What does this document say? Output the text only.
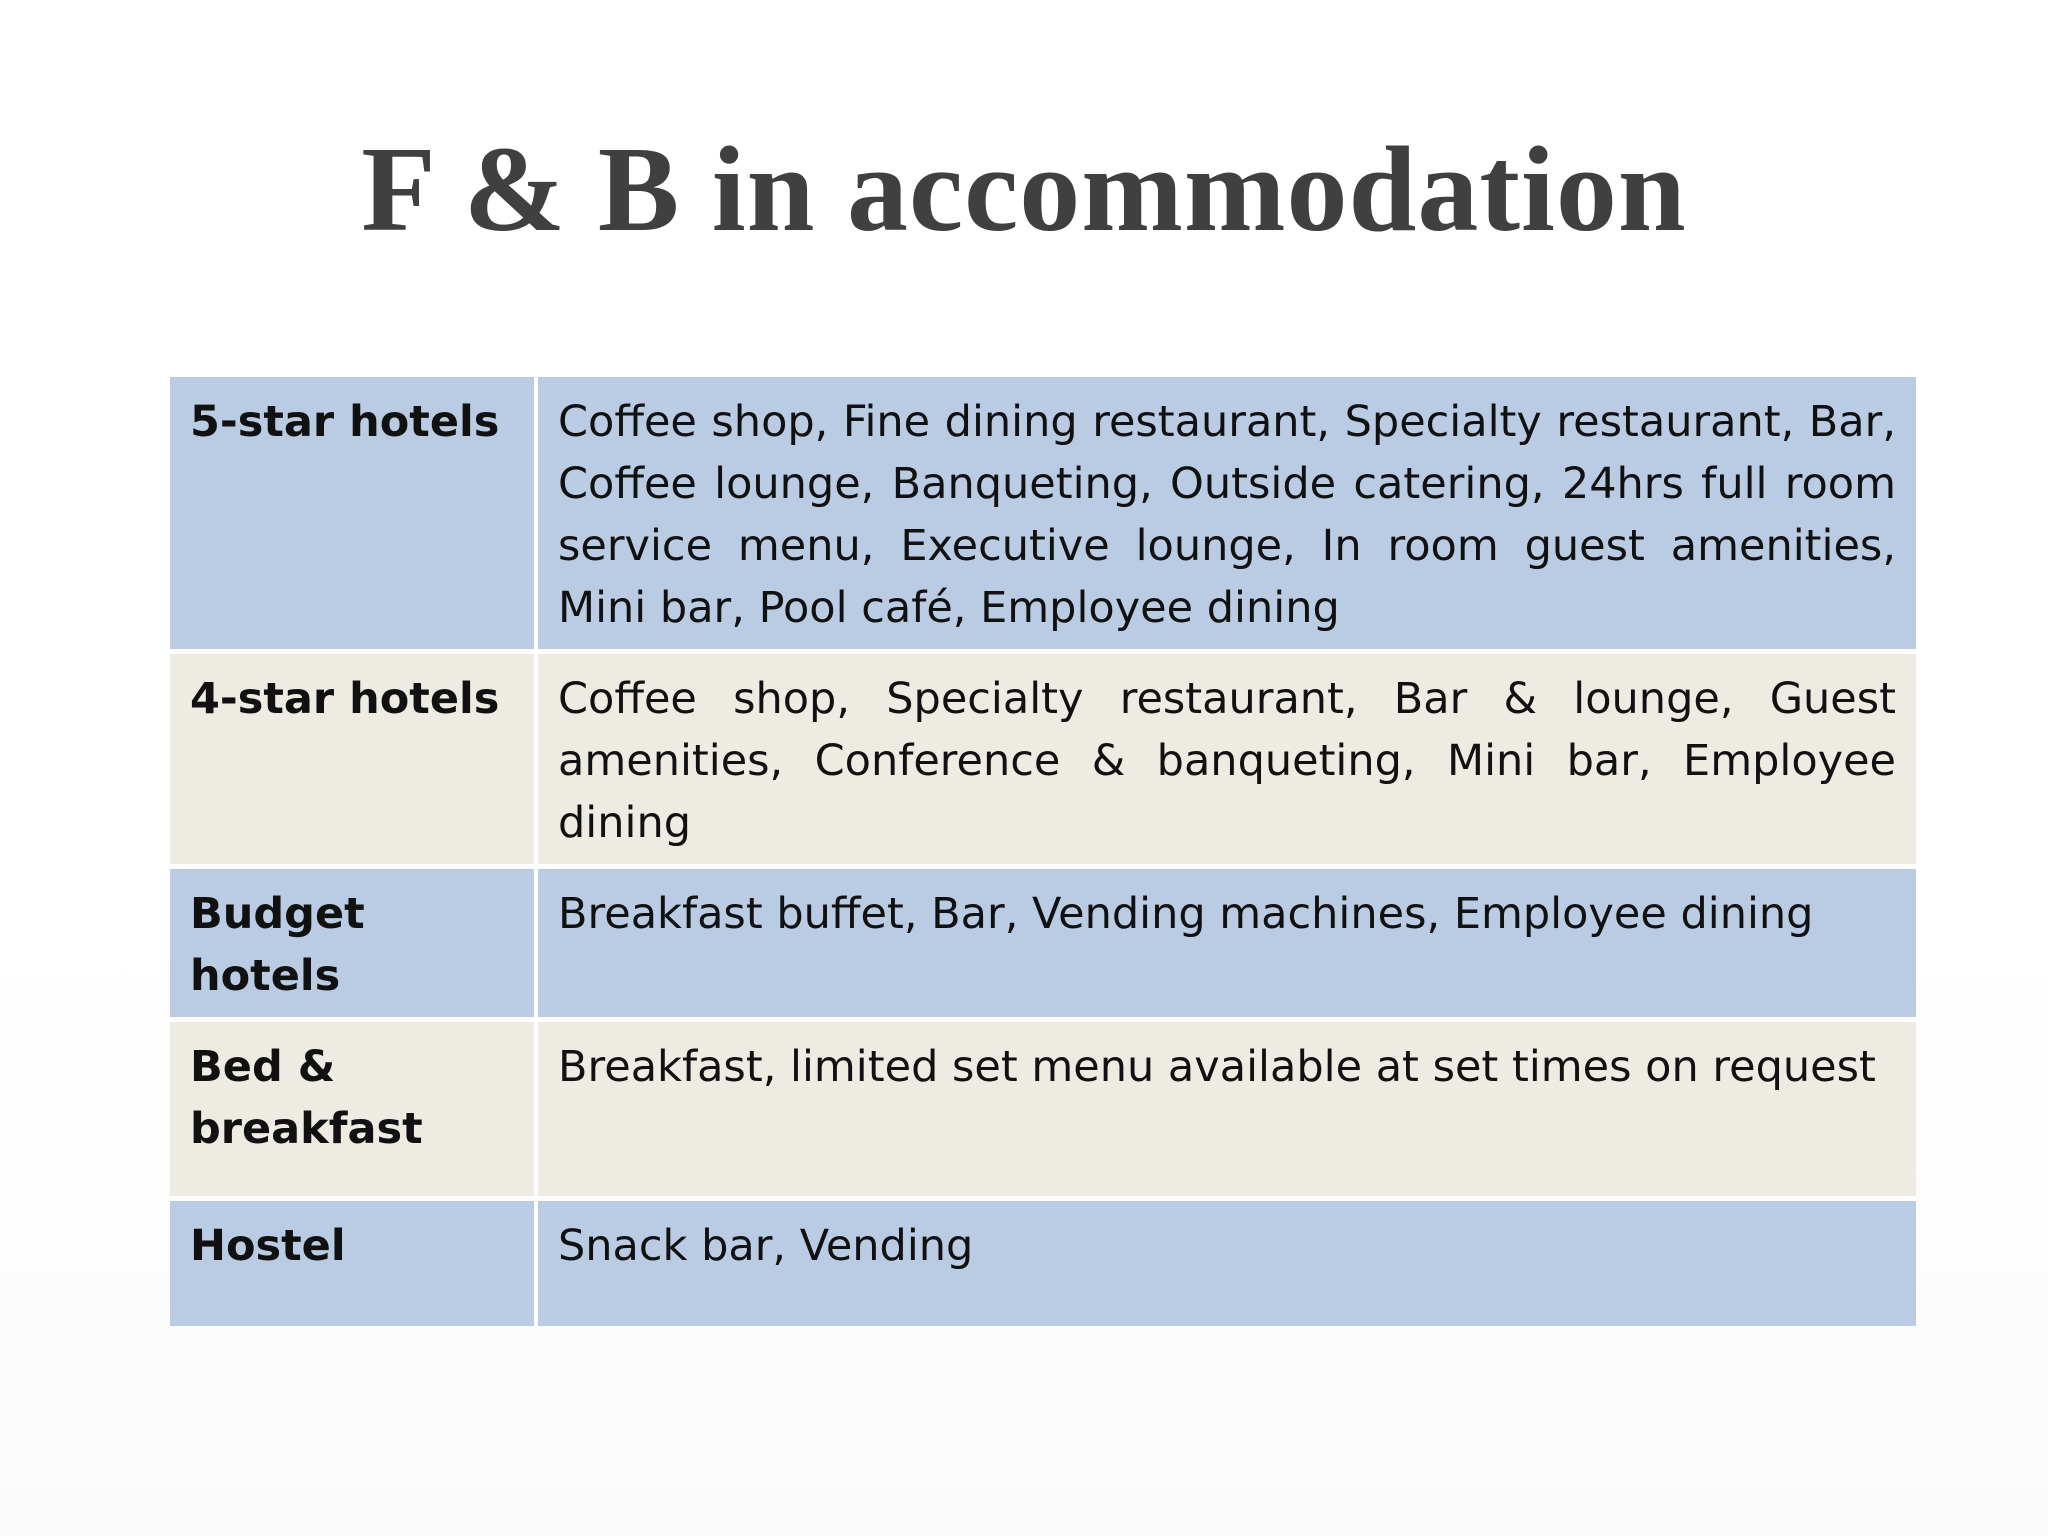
F & B in accommodation
5-star hotels	Coffee shop, Fine dining restaurant, Specialty restaurant, Bar, Coffee lounge, Banqueting, Outside catering, 24hrs full room service menu, Executive lounge, In room guest amenities, Mini bar, Pool café, Employee dining
4-star hotels	Coffee shop, Specialty restaurant, Bar & lounge, Guest amenities, Conference & banqueting, Mini bar, Employee dining
Budget hotels	Breakfast buffet, Bar, Vending machines, Employee dining
Bed & breakfast	Breakfast, limited set menu available at set times on request
Hostel	Snack bar, Vending
